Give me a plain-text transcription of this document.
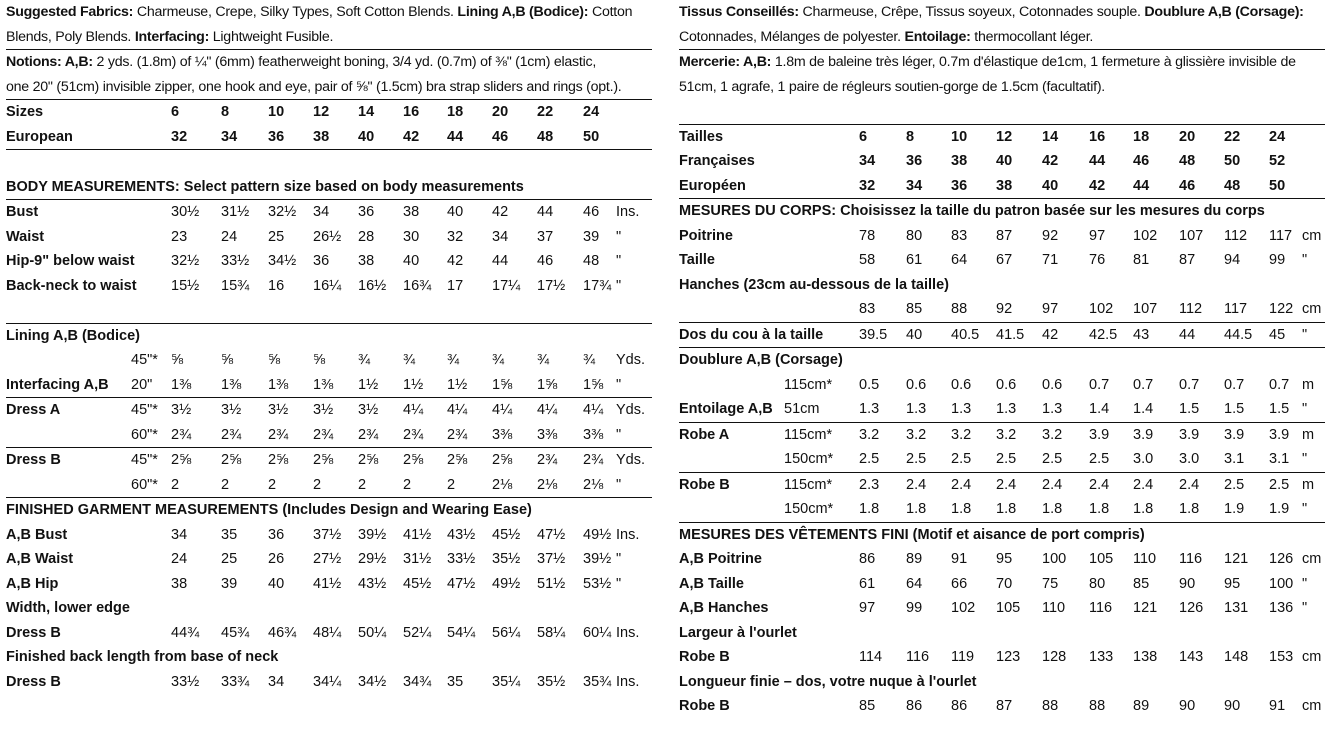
Suggested Fabrics: Charmeuse, Crepe, Silky Types, Soft Cotton Blends. Lining A,B (Bodice): Cotton
Blends, Poly Blends. Interfacing: Lightweight Fusible.
Notions: A,B: 2 yds. (1.8m) of ¼" (6mm) featherweight boning, 3/4 yd. (0.7m) of ⅜" (1cm) elastic,
one 20" (51cm) invisible zipper, one hook and eye, pair of ⅝" (1.5cm) bra strap sliders and rings (opt.).
Sizes	6	8	10 12 14 16 18 20 22 24
European	32 34 36 38 40 42 44 46 48 50
BODY MEASUREMENTS: Select pattern size based on body measurements
Bust	30½ 31½ 32½ 34 36 38 40 42 44 46 Ins.
Waist	23 24 25 26½ 28 30 32 34 37 39 "
Hip-9" below waist	32½ 33½ 34½ 36 38 40 42 44 46 48 "
Back-neck to waist 15½ 15¾ 16 16¼ 16½ 16¾ 17 17¼ 17½ 17¾ "
Lining A,B (Bodice)
45"* ⅝	⅝ ⅝ ⅝ ¾ ¾ ¾ ¾ ¾ ¾ Yds.
Interfacing A,B 20" 1⅜ 1⅜ 1⅜ 1⅜ 1½ 1½ 1½ 1⅝ 1⅝ 1⅝ "
Dress A	45"* 3½ 3½ 3½ 3½ 3½ 4¼ 4¼ 4¼ 4¼ 4¼ Yds.
60"* 2¾ 2¾ 2¾ 2¾ 2¾ 2¾ 2¾ 3⅜ 3⅜ 3⅜ "
Dress B	45"* 2⅝ 2⅝ 2⅝ 2⅝ 2⅝ 2⅝ 2⅝ 2⅝ 2¾ 2¾ Yds.
60"* 2	2	2	2	2	2 2	2⅛ 2⅛ 2⅛ "
FINISHED GARMENT MEASUREMENTS (Includes Design and Wearing Ease)
A,B Bust	34 35 36 37½ 39½ 41½ 43½ 45½ 47½ 49½ Ins.
A,B Waist	24 25 26 27½ 29½ 31½ 33½ 35½ 37½ 39½ "
A,B Hip	38 39 40 41½ 43½ 45½ 47½ 49½ 51½ 53½ "
Width, lower edge
Dress B	44¾ 45¾ 46¾ 48¼ 50¼ 52¼ 54¼ 56¼ 58¼ 60¼ Ins.
Finished back length from base of neck
Dress B	33½ 33¾ 34 34¼ 34½ 34¾ 35 35¼ 35½ 35¾ Ins.
Tissus Conseillés: Charmeuse, Crêpe, Tissus soyeux, Cotonnades souple. Doublure A,B (Corsage):
Cotonnades, Mélanges de polyester. Entoilage: thermocollant léger.
Mercerie: A,B: 1.8m de baleine très léger, 0.7m d'élastique de1cm, 1 fermeture à glissière invisible de
51cm, 1 agrafe, 1 paire de régleurs soutien-gorge de 1.5cm (facultatif).
Tailles	6	8	10 12 14 16 18 20 22 24
Françaises	34 36 38 40 42 44 46 48 50 52
Européen	32 34 36 38 40 42 44 46 48 50
MESURES DU CORPS: Choisissez la taille du patron basée sur les mesures du corps
Poitrine	78 80 83 87 92 97 102 107 112 117 cm
Taille	58 61 64 67 71 76 81 87 94 99 "
Hanches (23cm au-dessous de la taille)
83 85 88 92 97 102 107 112 117 122 cm
Dos du cou à la taille 39.5 40 40.5 41.5 42 42.5 43 44 44.5 45 "
Doublure A,B (Corsage)
115cm* 0.5 0.6 0.6 0.6 0.6 0.7 0.7 0.7 0.7 0.7 m
Entoilage A,B 51cm	1.3 1.3 1.3 1.3 1.3 1.4 1.4 1.5 1.5 1.5 "
Robe A	115cm* 3.2 3.2 3.2 3.2 3.2 3.9 3.9 3.9 3.9 3.9 m
150cm* 2.5 2.5 2.5 2.5 2.5 2.5 3.0 3.0 3.1 3.1 "
Robe B	115cm* 2.3 2.4 2.4 2.4 2.4 2.4 2.4 2.4 2.5 2.5 m
150cm* 1.8 1.8 1.8 1.8 1.8 1.8 1.8 1.8 1.9 1.9 "
MESURES DES VÊTEMENTS FINI (Motif et aisance de port compris)
A,B Poitrine	86 89 91 95 100 105 110 116 121 126 cm
A,B Taille	61 64 66 70 75 80 85 90 95 100 "
A,B Hanches	97 99 102 105 110 116 121 126 131 136 "
Largeur à l'ourlet
Robe B	114 116 119 123 128 133 138 143 148 153 cm
Longueur finie – dos, votre nuque à l'ourlet
Robe B	85 86 86 87 88 88 89 90 90 91 cm
